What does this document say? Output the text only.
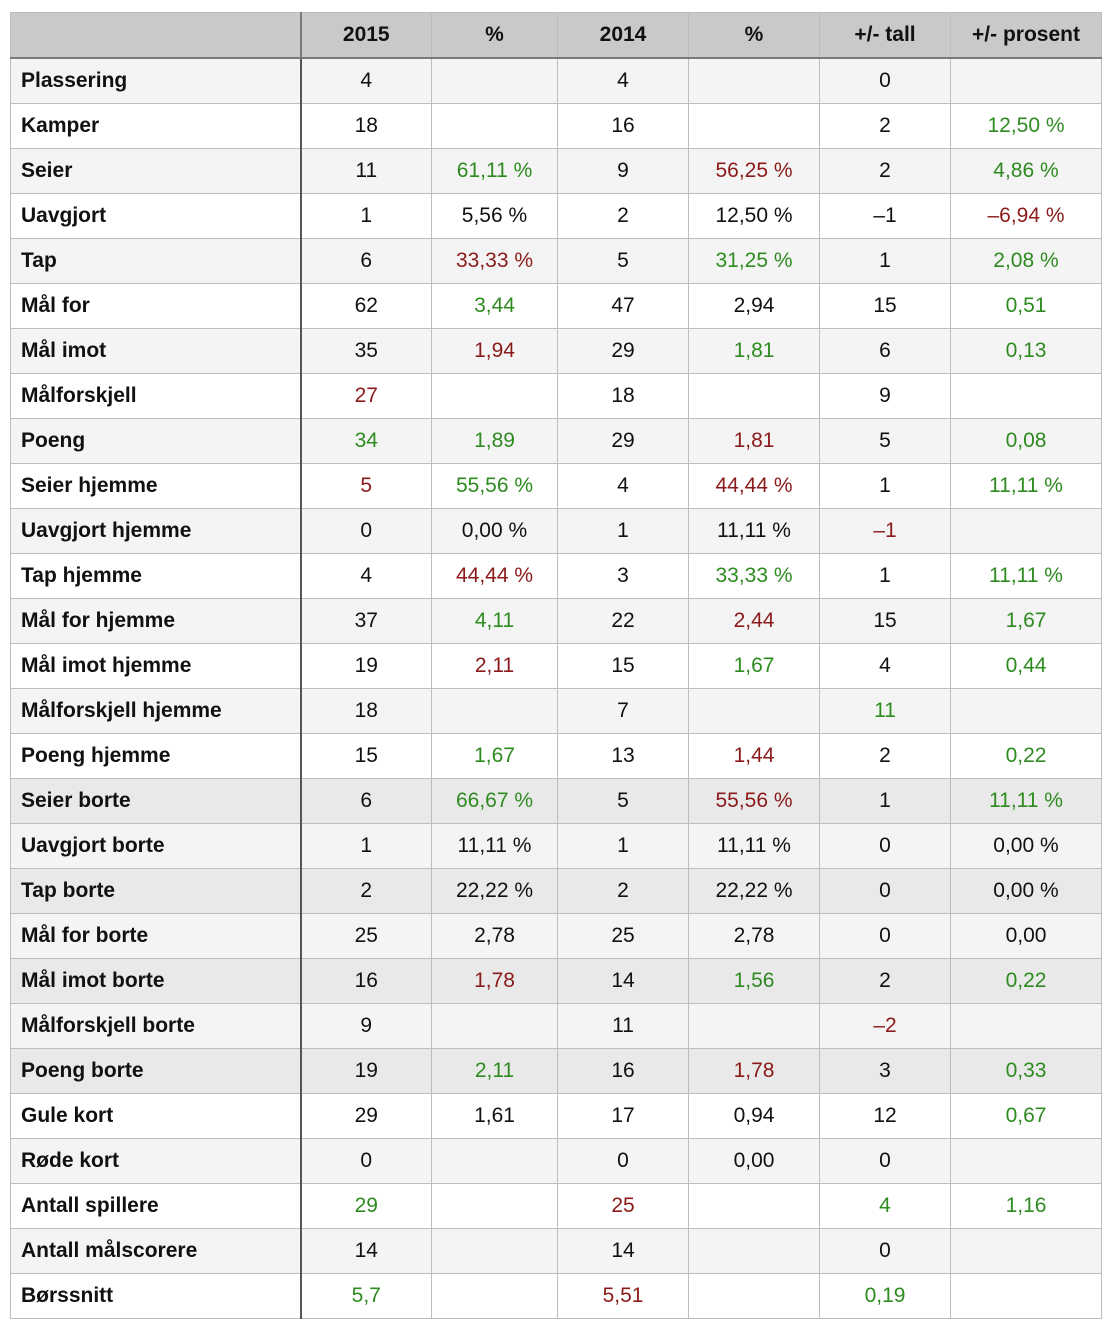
	2015	%	2014	%	+/- tall	+/- prosent
Plassering	4		4		0	
Kamper	18		16		2	12,50 %
Seier	11	61,11 %	9	56,25 %	2	4,86 %
Uavgjort	1	5,56 %	2	12,50 %	–1	–6,94 %
Tap	6	33,33 %	5	31,25 %	1	2,08 %
Mål for	62	3,44	47	2,94	15	0,51
Mål imot	35	1,94	29	1,81	6	0,13
Målforskjell	27		18		9	
Poeng	34	1,89	29	1,81	5	0,08
Seier hjemme	5	55,56 %	4	44,44 %	1	11,11 %
Uavgjort hjemme	0	0,00 %	1	11,11 %	–1	
Tap hjemme	4	44,44 %	3	33,33 %	1	11,11 %
Mål for hjemme	37	4,11	22	2,44	15	1,67
Mål imot hjemme	19	2,11	15	1,67	4	0,44
Målforskjell hjemme	18		7		11	
Poeng hjemme	15	1,67	13	1,44	2	0,22
Seier borte	6	66,67 %	5	55,56 %	1	11,11 %
Uavgjort borte	1	11,11 %	1	11,11 %	0	0,00 %
Tap borte	2	22,22 %	2	22,22 %	0	0,00 %
Mål for borte	25	2,78	25	2,78	0	0,00
Mål imot borte	16	1,78	14	1,56	2	0,22
Målforskjell borte	9		11		–2	
Poeng borte	19	2,11	16	1,78	3	0,33
Gule kort	29	1,61	17	0,94	12	0,67
Røde kort	0		0	0,00	0	
Antall spillere	29		25		4	1,16
Antall målscorere	14		14		0	
Børssnitt	5,7		5,51		0,19	
